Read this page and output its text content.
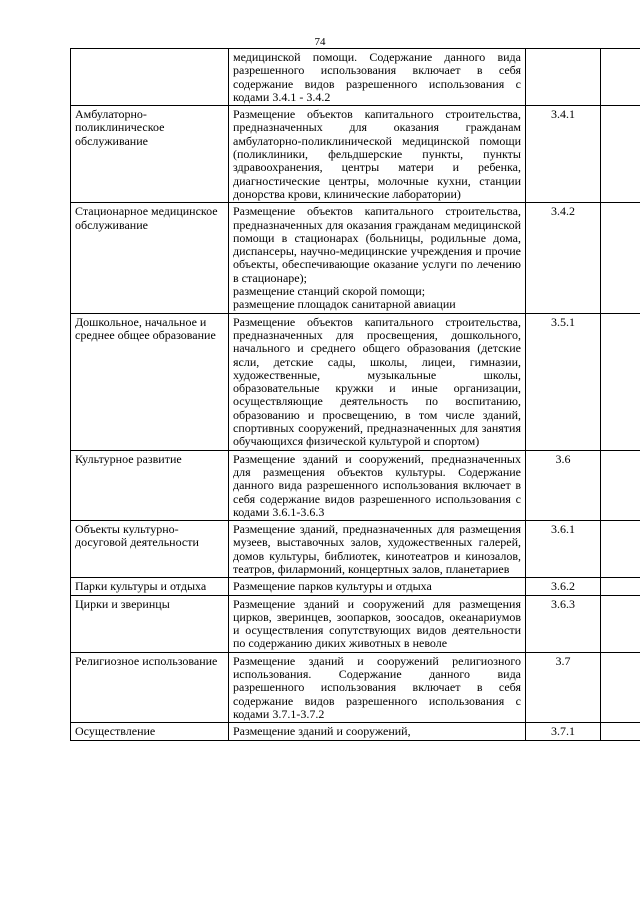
74

	медицинской помощи. Содержание данного вида разрешенного использования включает в себя содержание видов разрешенного использования с кодами 3.4.1 - 3.4.2		

Амбулаторно-поликлиническое обслуживание	Размещение объектов капитального строительства, предназначенных для оказания гражданам амбулаторно-поликлинической медицинской помощи (поликлиники, фельдшерские пункты, пункты здравоохранения, центры матери и ребенка, диагностические центры, молочные кухни, станции донорства крови, клинические лаборатории)	3.4.1	
Стационарное медицинское обслуживание	Размещение объектов капитального строительства, предназначенных для оказания гражданам медицинской помощи в стационарах (больницы, родильные дома, диспансеры, научно-медицинские учреждения и прочие объекты, обеспечивающие оказание услуги по лечению в стационаре);
размещение станций скорой помощи;
размещение площадок санитарной авиации	3.4.2	
Дошкольное, начальное и среднее общее образование	Размещение объектов капитального строительства, предназначенных для просвещения, дошкольного, начального и среднего общего образования (детские ясли, детские сады, школы, лицеи, гимназии, художественные, музыкальные школы, образовательные кружки и иные организации, осуществляющие деятельность по воспитанию, образованию и просвещению, в том числе зданий, спортивных сооружений, предназначенных для занятия обучающихся физической культурой и спортом)	3.5.1	
Культурное развитие	Размещение зданий и сооружений, предназначенных для размещения объектов культуры. Содержание данного вида разрешенного использования включает в себя содержание видов разрешенного использования с кодами 3.6.1-3.6.3	3.6	
Объекты культурно-досуговой деятельности	Размещение зданий, предназначенных для размещения музеев, выставочных залов, художественных галерей, домов культуры, библиотек, кинотеатров и кинозалов, театров, филармоний, концертных залов, планетариев	3.6.1	
Парки культуры и отдыха	Размещение парков культуры и отдыха	3.6.2	
Цирки и зверинцы	Размещение зданий и сооружений для размещения цирков, зверинцев, зоопарков, зоосадов, океанариумов и осуществления сопутствующих видов деятельности по содержанию диких животных в неволе	3.6.3	
Религиозное использование	Размещение зданий и сооружений религиозного использования. Содержание данного вида разрешенного использования включает в себя содержание видов разрешенного использования с кодами 3.7.1-3.7.2	3.7	
Осуществление	Размещение зданий и сооружений,	3.7.1	
